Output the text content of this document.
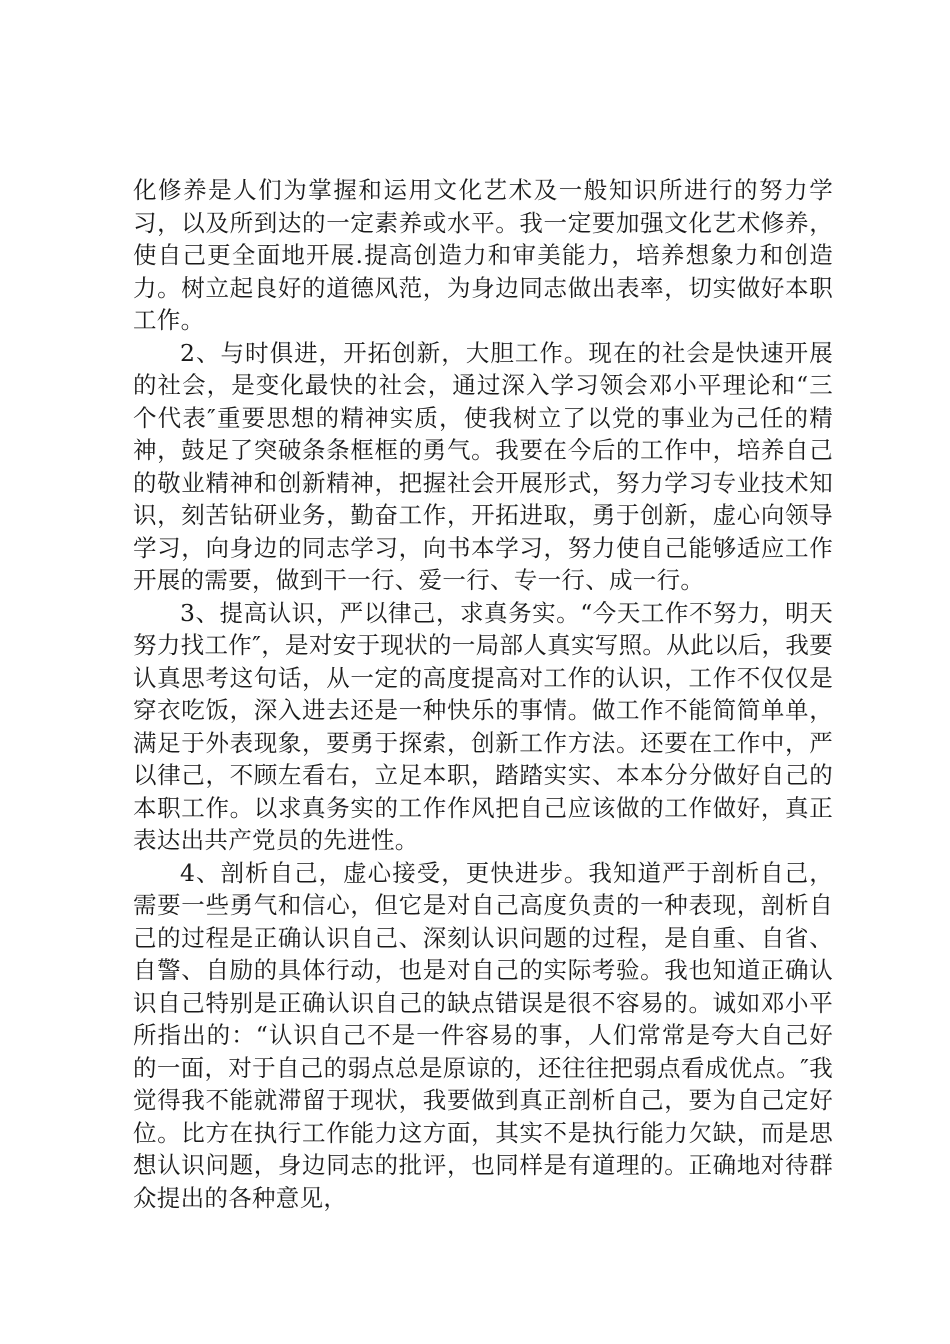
化修养是人们为掌握和运用文化艺术及一般知识所进行的努力学习，以及所到达的一定素养或水平。我一定要加强文化艺术修养，使自己更全面地开展.提高创造力和审美能力，培养想象力和创造力。树立起良好的道德风范，为身边同志做出表率，切实做好本职工作。

2、与时俱进，开拓创新，大胆工作。现在的社会是快速开展的社会，是变化最快的社会，通过深入学习领会邓小平理论和“三个代表″重要思想的精神实质，使我树立了以党的事业为己任的精神，鼓足了突破条条框框的勇气。我要在今后的工作中，培养自己的敬业精神和创新精神，把握社会开展形式，努力学习专业技术知识，刻苦钻研业务，勤奋工作，开拓进取，勇于创新，虚心向领导学习，向身边的同志学习，向书本学习，努力使自己能够适应工作开展的需要，做到干一行、爱一行、专一行、成一行。

3、提高认识，严以律己，求真务实。“今天工作不努力，明天努力找工作″，是对安于现状的一局部人真实写照。从此以后，我要认真思考这句话，从一定的高度提高对工作的认识，工作不仅仅是穿衣吃饭，深入进去还是一种快乐的事情。做工作不能简简单单，满足于外表现象，要勇于探索，创新工作方法。还要在工作中，严以律己，不顾左看右，立足本职，踏踏实实、本本分分做好自己的本职工作。以求真务实的工作作风把自己应该做的工作做好，真正表达出共产党员的先进性。

4、剖析自己，虚心接受，更快进步。我知道严于剖析自己，需要一些勇气和信心，但它是对自己高度负责的一种表现，剖析自己的过程是正确认识自己、深刻认识问题的过程，是自重、自省、自警、自励的具体行动，也是对自己的实际考验。我也知道正确认识自己特别是正确认识自己的缺点错误是很不容易的。诚如邓小平所指出的：“认识自己不是一件容易的事，人们常常是夸大自己好的一面，对于自己的弱点总是原谅的，还往往把弱点看成优点。″我觉得我不能就滞留于现状，我要做到真正剖析自己，要为自己定好位。比方在执行工作能力这方面，其实不是执行能力欠缺，而是思想认识问题，身边同志的批评，也同样是有道理的。正确地对待群众提出的各种意见，
